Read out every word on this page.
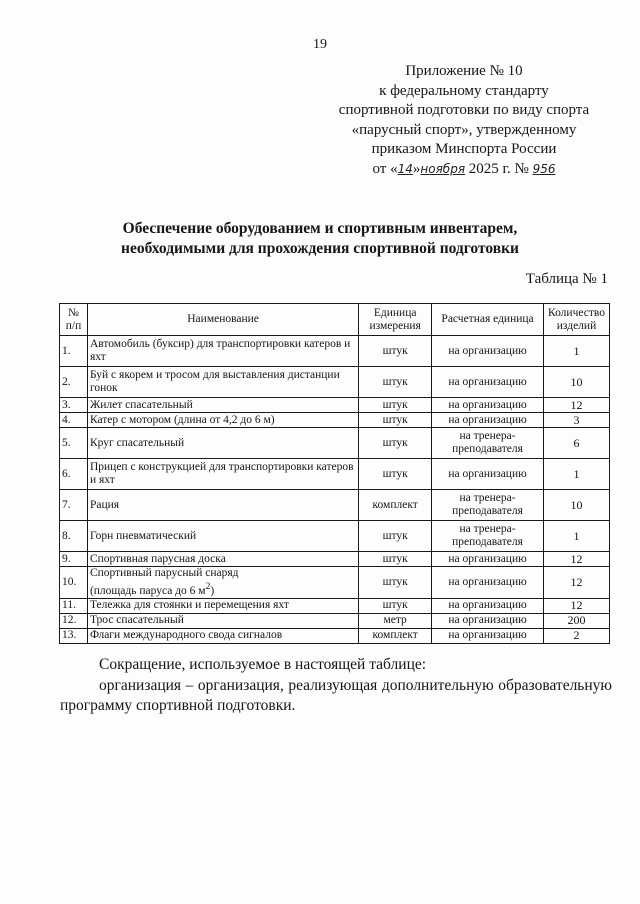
19
Приложение № 10
к федеральному стандарту
спортивной подготовки по виду спорта
«парусный спорт», утвержденному
приказом Минспорта России
от «14»ноября 2025 г. № 956
Обеспечение оборудованием и спортивным инвентарем,
необходимыми для прохождения спортивной подготовки
Таблица № 1
№ п/п	Наименование	Единица измерения	Расчетная единица	Количество изделий
1.	Автомобиль (буксир) для транспортировки катеров и яхт	штук	на организацию	1
2.	Буй с якорем и тросом для выставления дистанции гонок	штук	на организацию	10
3.	Жилет спасательный	штук	на организацию	12
4.	Катер с мотором (длина от 4,2 до 6 м)	штук	на организацию	3
5.	Круг спасательный	штук	на тренера-преподавателя	6
6.	Прицеп с конструкцией для транспортировки катеров и яхт	штук	на организацию	1
7.	Рация	комплект	на тренера-преподавателя	10
8.	Горн пневматический	штук	на тренера-преподавателя	1
9.	Спортивная парусная доска	штук	на организацию	12
10.	Спортивный парусный снаряд
(площадь паруса до 6 $м^2$)	штук	на организацию	12
11.	Тележка для стоянки и перемещения яхт	штук	на организацию	12
12.	Трос спасательный	метр	на организацию	200
13.	Флаги международного свода сигналов	комплект	на организацию	2
Сокращение, используемое в настоящей таблице:
организация – организация, реализующая дополнительную образовательную программу спортивной подготовки.
